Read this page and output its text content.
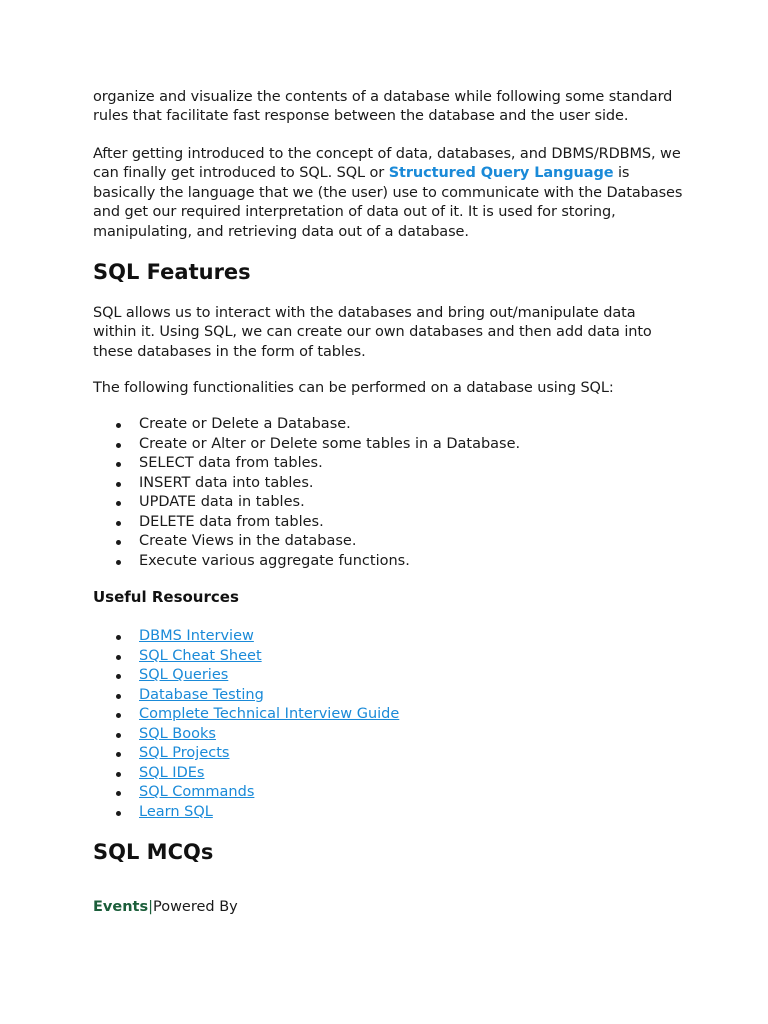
organize and visualize the contents of a database while following some standard rules that facilitate fast response between the database and the user side.

After getting introduced to the concept of data, databases, and DBMS/RDBMS, we can finally get introduced to SQL. SQL or Structured Query Language is basically the language that we (the user) use to communicate with the Databases and get our required interpretation of data out of it. It is used for storing, manipulating, and retrieving data out of a database.

SQL Features

SQL allows us to interact with the databases and bring out/manipulate data within it. Using SQL, we can create our own databases and then add data into these databases in the form of tables.

The following functionalities can be performed on a database using SQL:

Create or Delete a Database.
Create or Alter or Delete some tables in a Database.
SELECT data from tables.
INSERT data into tables.
UPDATE data in tables.
DELETE data from tables.
Create Views in the database.
Execute various aggregate functions.
Useful Resources
DBMS Interview
SQL Cheat Sheet
SQL Queries
Database Testing
Complete Technical Interview Guide
SQL Books
SQL Projects
SQL IDEs
SQL Commands
Learn SQL
SQL MCQs
Events|Powered By
